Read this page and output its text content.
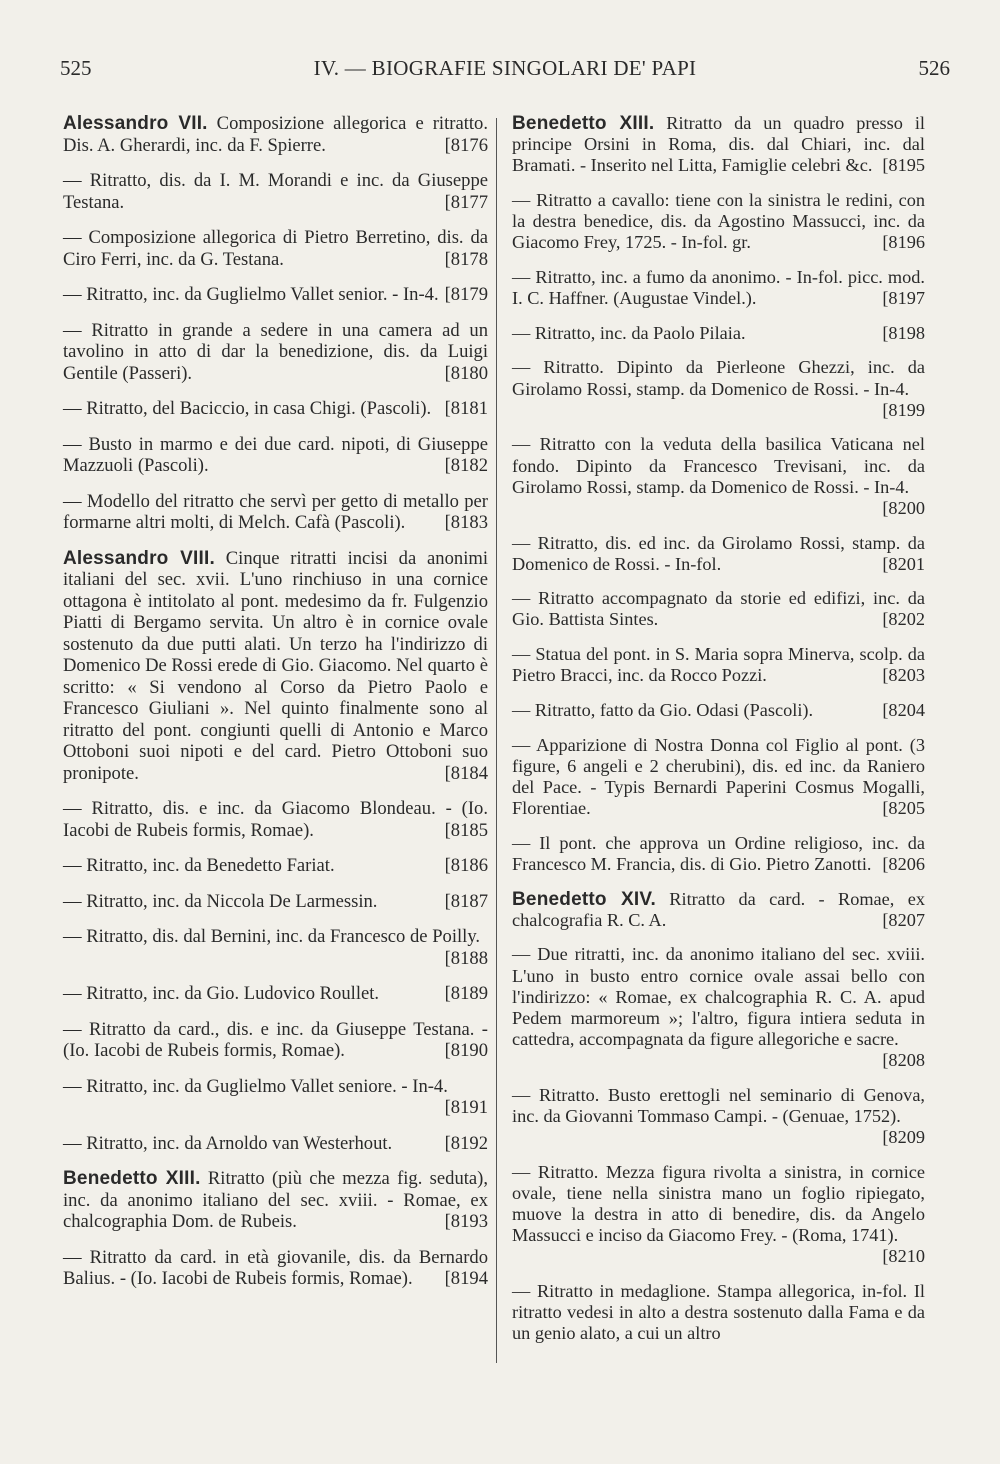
525	IV. — BIOGRAFIE SINGOLARI DE' PAPI	526
Alessandro VII. Composizione allegorica e ritratto. Dis. A. Gherardi, inc. da F. Spierre.	[8176
— Ritratto, dis. da I. M. Morandi e inc. da Giuseppe Testana.	[8177
— Composizione allegorica di Pietro Berretino, dis. da Ciro Ferri, inc. da G. Testana.	[8178
— Ritratto, inc. da Guglielmo Vallet senior. - In-4. [8179
— Ritratto in grande a sedere in una camera ad un tavolino in atto di dar la benedizione, dis. da Luigi Gentile (Passeri).	[8180
— Ritratto, del Baciccio, in casa Chigi. (Pascoli). [8181
— Busto in marmo e dei due card. nipoti, di Giuseppe Mazzuoli (Pascoli).	[8182
— Modello del ritratto che servì per getto di metallo per formarne altri molti, di Melch. Cafà (Pascoli).	[8183
Alessandro VIII. Cinque ritratti incisi da anonimi italiani del sec. xvii. L'uno rinchiuso in una cornice ottagona è intitolato al pont. medesimo da fr. Fulgenzio Piatti di Bergamo servita. Un altro è in cornice ovale sostenuto da due putti alati. Un terzo ha l'indirizzo di Domenico De Rossi erede di Gio. Giacomo. Nel quarto è scritto: « Si vendono al Corso da Pietro Paolo e Francesco Giuliani ». Nel quinto finalmente sono al ritratto del pont. congiunti quelli di Antonio e Marco Ottoboni suoi nipoti e del card. Pietro Ottoboni suo pronipote.	[8184
— Ritratto, dis. e inc. da Giacomo Blondeau. - (Io. Iacobi de Rubeis formis, Romae).	[8185
— Ritratto, inc. da Benedetto Fariat.	[8186
— Ritratto, inc. da Niccola De Larmessin.	[8187
— Ritratto, dis. dal Bernini, inc. da Francesco de Poilly.
[8188
— Ritratto, inc. da Gio. Ludovico Roullet.	[8189
— Ritratto da card., dis. e inc. da Giuseppe Testana. - (Io. Iacobi de Rubeis formis, Romae).	[8190
— Ritratto, inc. da Guglielmo Vallet seniore. - In-4.
[8191
— Ritratto, inc. da Arnoldo van Westerhout.	[8192
Benedetto XIII. Ritratto (più che mezza fig. seduta), inc. da anonimo italiano del sec. xviii. - Romae, ex chalcographia Dom. de Rubeis.	[8193
— Ritratto da card. in età giovanile, dis. da Bernardo Balius. - (Io. Iacobi de Rubeis formis, Romae).	[8194
Benedetto XIII. Ritratto da un quadro presso il principe Orsini in Roma, dis. dal Chiari, inc. dal Bramati. - Inserito nel Litta, Famiglie celebri &c. [8195
— Ritratto a cavallo: tiene con la sinistra le redini, con la destra benedice, dis. da Agostino Massucci, inc. da Giacomo Frey, 1725. - In-fol. gr.	[8196
— Ritratto, inc. a fumo da anonimo. - In-fol. picc. mod. I. C. Haffner. (Augustae Vindel.).	[8197
— Ritratto, inc. da Paolo Pilaia.	[8198
— Ritratto. Dipinto da Pierleone Ghezzi, inc. da Girolamo Rossi, stamp. da Domenico de Rossi. - In-4.
[8199
— Ritratto con la veduta della basilica Vaticana nel fondo. Dipinto da Francesco Trevisani, inc. da Girolamo Rossi, stamp. da Domenico de Rossi. - In-4.
[8200
— Ritratto, dis. ed inc. da Girolamo Rossi, stamp. da Domenico de Rossi. - In-fol.	[8201
— Ritratto accompagnato da storie ed edifizi, inc. da Gio. Battista Sintes.	[8202
— Statua del pont. in S. Maria sopra Minerva, scolp. da Pietro Bracci, inc. da Rocco Pozzi.	[8203
— Ritratto, fatto da Gio. Odasi (Pascoli).	[8204
— Apparizione di Nostra Donna col Figlio al pont. (3 figure, 6 angeli e 2 cherubini), dis. ed inc. da Raniero del Pace. - Typis Bernardi Paperini Cosmus Mogalli, Florentiae.	[8205
— Il pont. che approva un Ordine religioso, inc. da Francesco M. Francia, dis. di Gio. Pietro Zanotti. [8206
Benedetto XIV. Ritratto da card. - Romae, ex chalcografia R. C. A.	[8207
— Due ritratti, inc. da anonimo italiano del sec. xviii. L'uno in busto entro cornice ovale assai bello con l'indirizzo: « Romae, ex chalcographia R. C. A. apud Pedem marmoreum »; l'altro, figura intiera seduta in cattedra, accompagnata da figure allegoriche e sacre.
[8208
— Ritratto. Busto erettogli nel seminario di Genova, inc. da Giovanni Tommaso Campi. - (Genuae, 1752).
[8209
— Ritratto. Mezza figura rivolta a sinistra, in cornice ovale, tiene nella sinistra mano un foglio ripiegato, muove la destra in atto di benedire, dis. da Angelo Massucci e inciso da Giacomo Frey. - (Roma, 1741).
[8210
— Ritratto in medaglione. Stampa allegorica, in-fol. Il ritratto vedesi in alto a destra sostenuto dalla Fama e da un genio alato, a cui un altro
